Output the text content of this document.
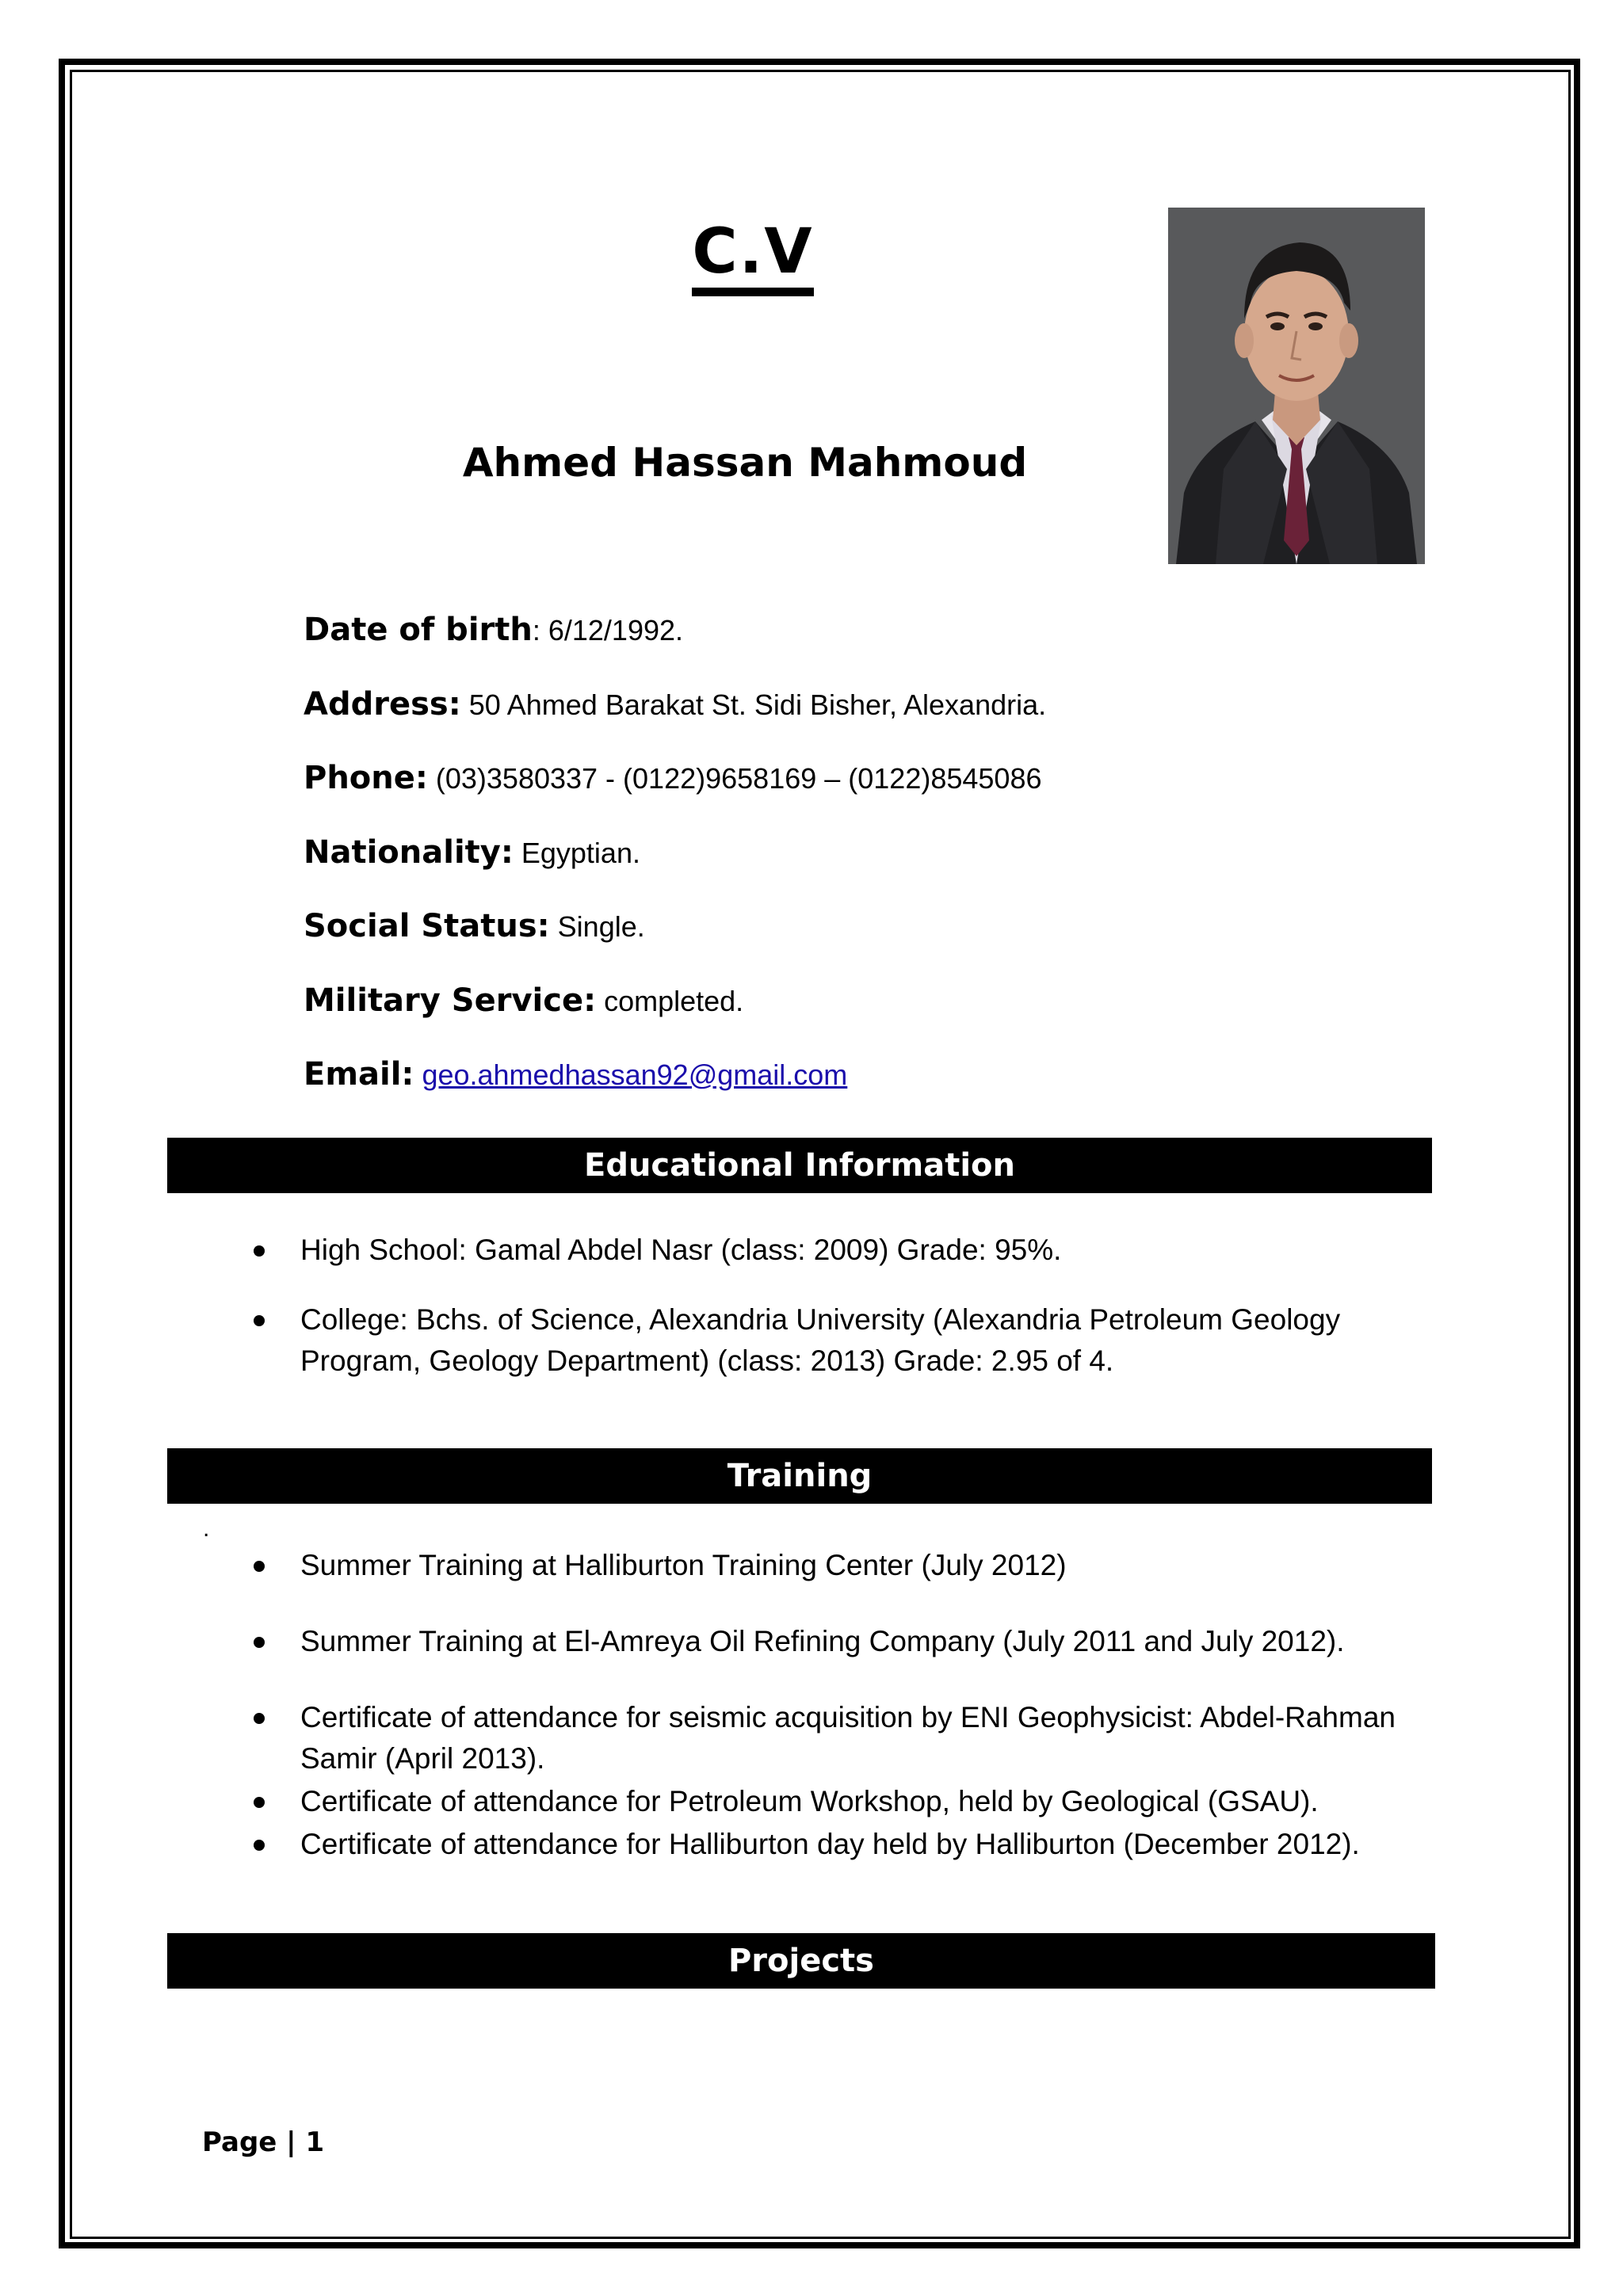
C.V
Ahmed Hassan Mahmoud
Date of birth: 6/12/1992.
Address: 50 Ahmed Barakat St. Sidi Bisher, Alexandria.
Phone: (03)3580337 - (0122)9658169 – (0122)8545086
Nationality: Egyptian.
Social Status: Single.
Military Service: completed.
Email: geo.ahmedhassan92@gmail.com
Educational Information
High School: Gamal Abdel Nasr (class: 2009) Grade: 95%.
College: Bchs. of Science, Alexandria University (Alexandria Petroleum Geology Program, Geology Department) (class: 2013) Grade: 2.95 of 4.
Training
.
Summer Training at Halliburton Training Center (July 2012)
Summer Training at El-Amreya Oil Refining Company (July 2011 and July 2012).
Certificate of attendance for seismic acquisition by ENI Geophysicist: Abdel-Rahman Samir (April 2013).
Certificate of attendance for Petroleum Workshop, held by Geological (GSAU).
Certificate of attendance for Halliburton day held by Halliburton (December 2012).
Projects
Page | 1
